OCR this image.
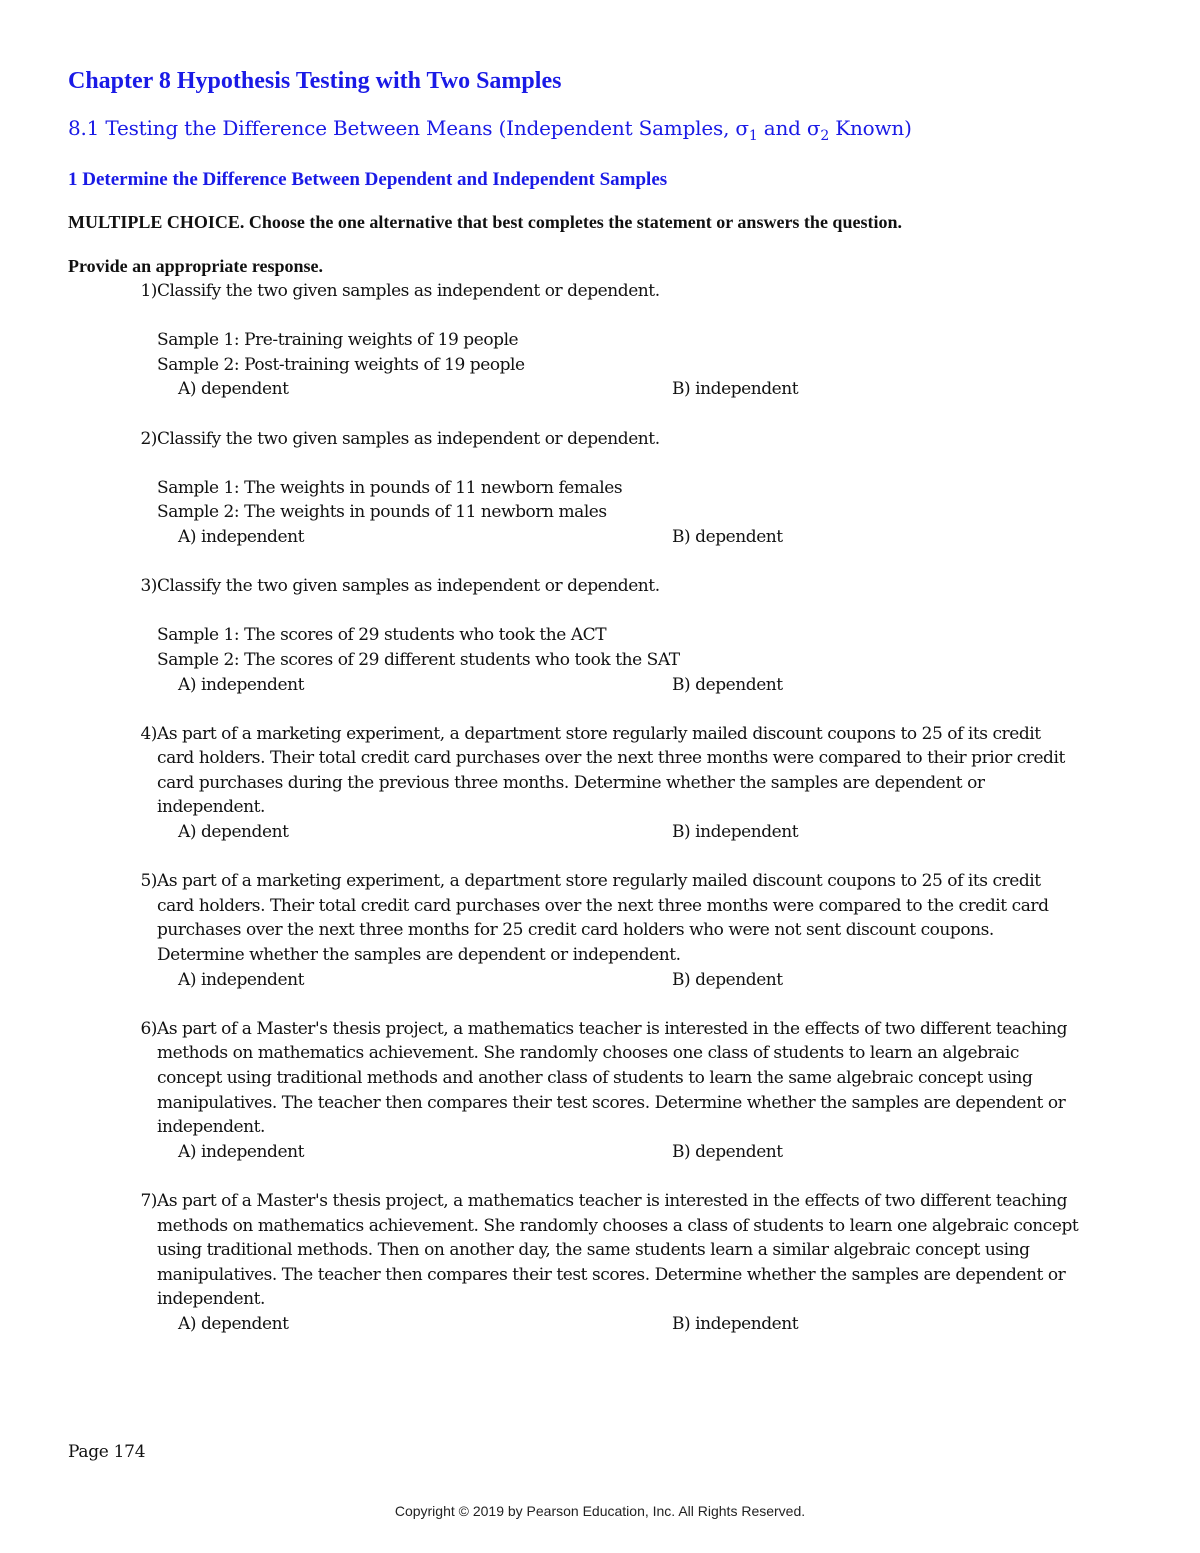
Chapter 8 Hypothesis Testing with Two Samples
8.1 Testing the Difference Between Means (Independent Samples, $\sigma_1$ and $\sigma_2$ Known)
1 Determine the Difference Between Dependent and Independent Samples

MULTIPLE CHOICE. Choose the one alternative that best completes the statement or answers the question.

Provide an appropriate response.

1) Classify the two given samples as independent or dependent.
Sample 1: Pre-training weights of 19 people
Sample 2: Post-training weights of 19 people
A) dependent	B) independent
2) Classify the two given samples as independent or dependent.
Sample 1: The weights in pounds of 11 newborn females
Sample 2: The weights in pounds of 11 newborn males
A) independent	B) dependent
3) Classify the two given samples as independent or dependent.
Sample 1: The scores of 29 students who took the ACT
Sample 2: The scores of 29 different students who took the SAT
A) independent	B) dependent
4) As part of a marketing experiment, a department store regularly mailed discount coupons to 25 of its credit
card holders. Their total credit card purchases over the next three months were compared to their prior credit
card purchases during the previous three months. Determine whether the samples are dependent or
independent.
A) dependent	B) independent
5) As part of a marketing experiment, a department store regularly mailed discount coupons to 25 of its credit
card holders. Their total credit card purchases over the next three months were compared to the credit card
purchases over the next three months for 25 credit card holders who were not sent discount coupons.
Determine whether the samples are dependent or independent.
A) independent	B) dependent
6) As part of a Master's thesis project, a mathematics teacher is interested in the effects of two different teaching
methods on mathematics achievement. She randomly chooses one class of students to learn an algebraic
concept using traditional methods and another class of students to learn the same algebraic concept using
manipulatives. The teacher then compares their test scores. Determine whether the samples are dependent or
independent.
A) independent	B) dependent
7) As part of a Master's thesis project, a mathematics teacher is interested in the effects of two different teaching
methods on mathematics achievement. She randomly chooses a class of students to learn one algebraic concept
using traditional methods. Then on another day, the same students learn a similar algebraic concept using
manipulatives. The teacher then compares their test scores. Determine whether the samples are dependent or
independent.
A) dependent	B) independent

Page 174

Copyright © 2019 by Pearson Education, Inc. All Rights Reserved.
